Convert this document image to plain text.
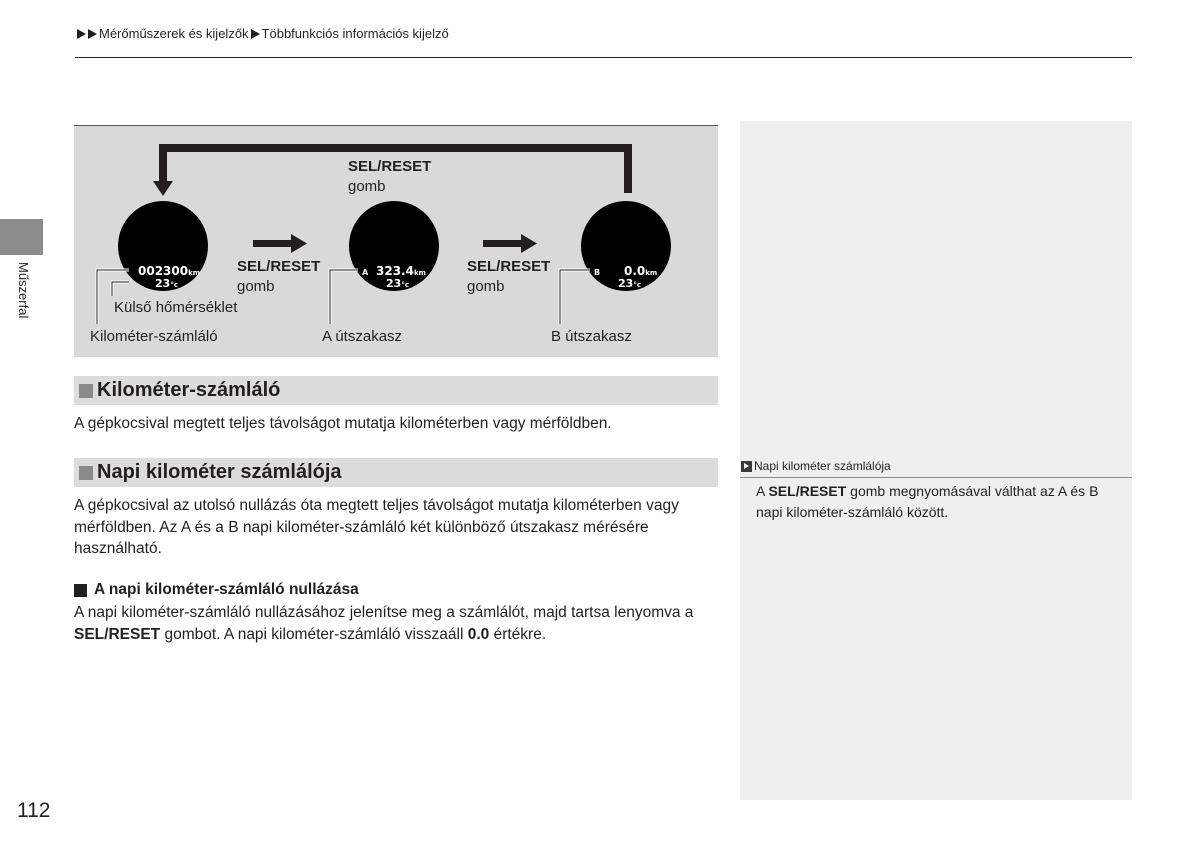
Mérőműszerek és kijelzők Többfunkciós információs kijelző
Műszerfal	002300km
23°c
A 323.4km
23°c
B 0.0km
23°c
SEL/RESET
gomb
SEL/RESET
gomb
SEL/RESET
gomb
Külső hőmérséklet
Kilométer-számláló	A útszakasz	B útszakasz
Kilométer-számláló
A gépkocsival megtett teljes távolságot mutatja kilométerben vagy mérföldben.
Napi kilométer számlálója
A gépkocsival az utolsó nullázás óta megtett teljes távolságot mutatja kilométerben vagy mérföldben. Az A és a B napi kilométer-számláló két különböző útszakasz mérésére használható.
A napi kilométer-számláló nullázása
A napi kilométer-számláló nullázásához jelenítse meg a számlálót, majd tartsa lenyomva a
SEL/RESET gombot. A napi kilométer-számláló visszaáll 0.0 értékre.
Napi kilométer számlálója
A SEL/RESET gomb megnyomásával válthat az A és B napi kilométer-számláló között.
112
